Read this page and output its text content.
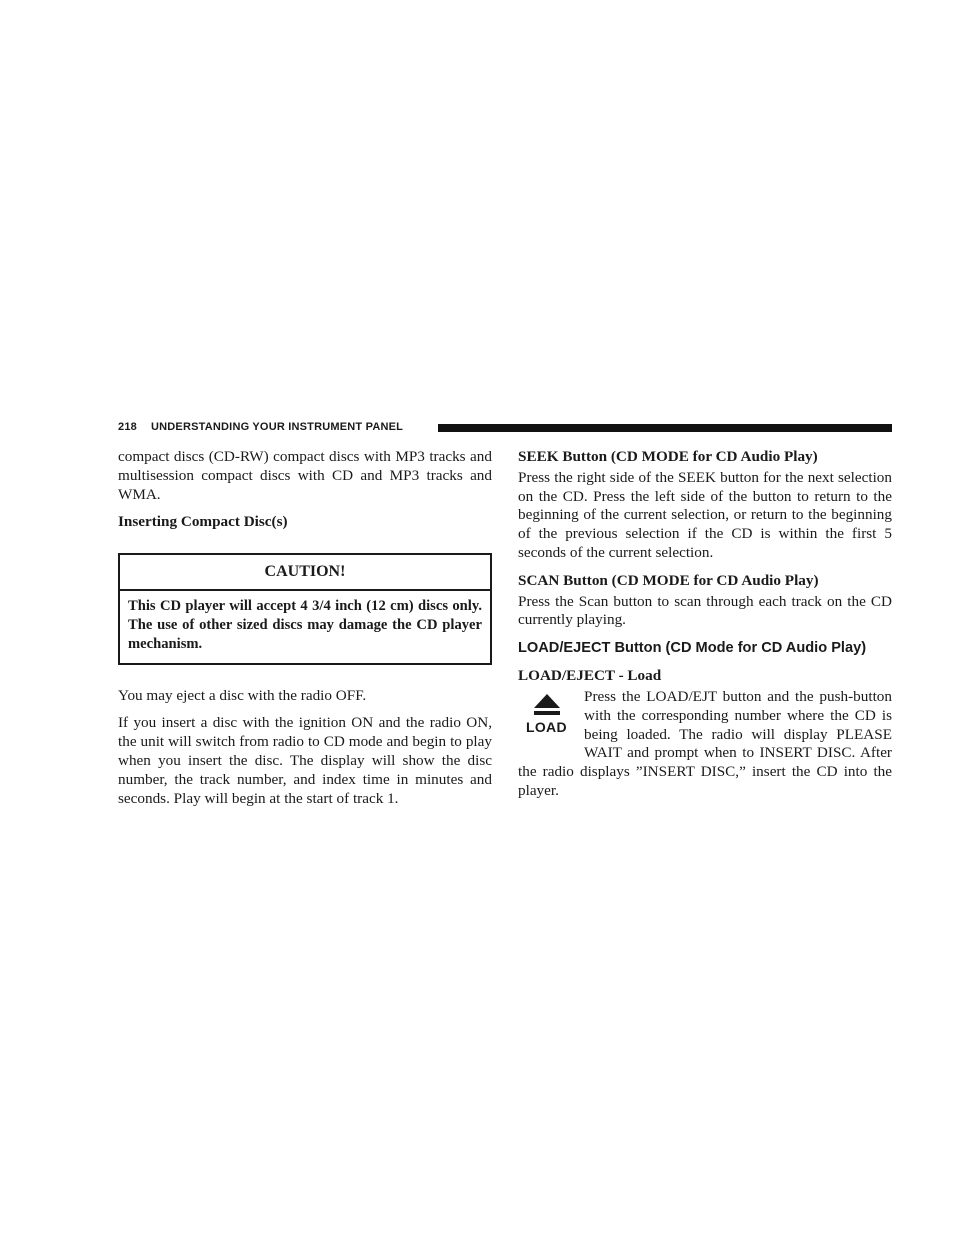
218 UNDERSTANDING YOUR INSTRUMENT PANEL

compact discs (CD-RW) compact discs with MP3 tracks and multisession compact discs with CD and MP3 tracks and WMA.

Inserting Compact Disc(s)
CAUTION!
This CD player will accept 4 3/4 inch (12 cm) discs only. The use of other sized discs may damage the CD player mechanism.

You may eject a disc with the radio OFF.

If you insert a disc with the ignition ON and the radio ON, the unit will switch from radio to CD mode and begin to play when you insert the disc. The display will show the disc number, the track number, and index time in minutes and seconds. Play will begin at the start of track 1.

SEEK Button (CD MODE for CD Audio Play)

Press the right side of the SEEK button for the next selection on the CD. Press the left side of the button to return to the beginning of the current selection, or return to the beginning of the previous selection if the CD is within the first 5 seconds of the current selection.

SCAN Button (CD MODE for CD Audio Play)

Press the Scan button to scan through each track on the CD currently playing.

LOAD/EJECT Button (CD Mode for CD Audio Play)
LOAD/EJECT - Load
LOAD

Press the LOAD/EJT button and the push-button with the corresponding number where the CD is being loaded. The radio will display PLEASE WAIT and prompt when to INSERT DISC. After the radio displays ”INSERT DISC,” insert the CD into the player.
